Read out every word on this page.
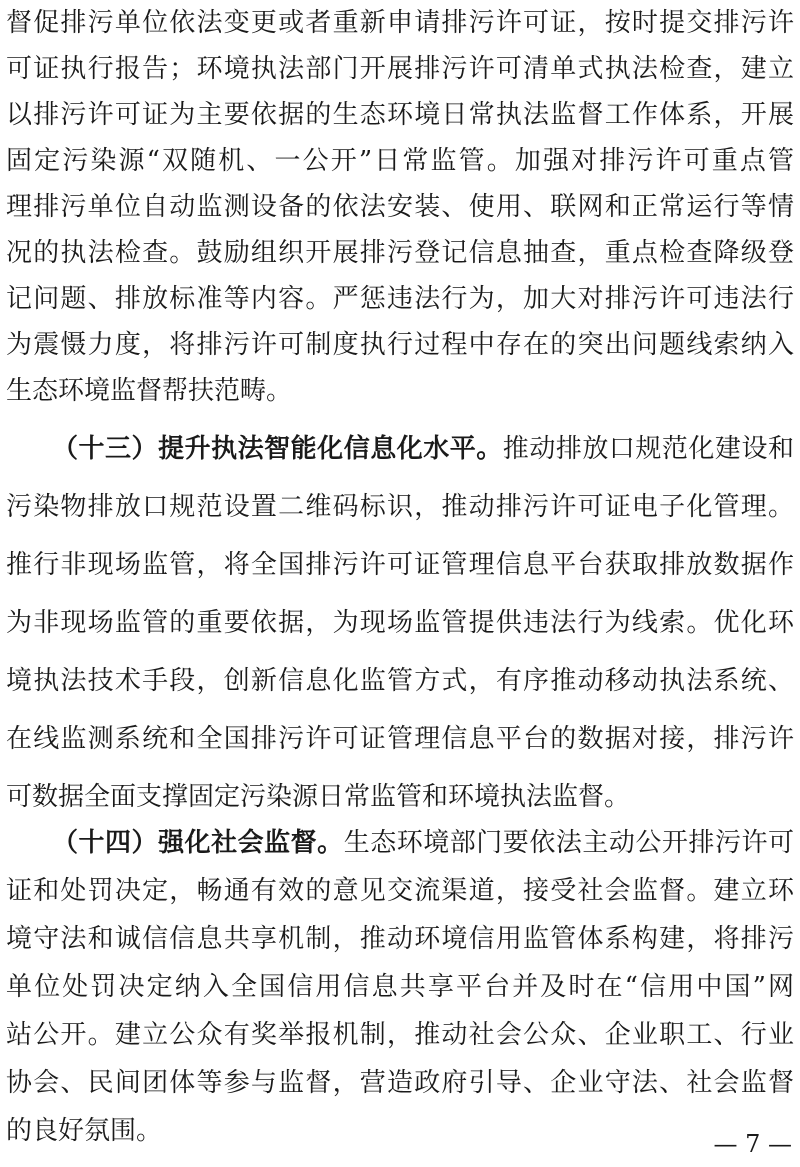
督促排污单位依法变更或者重新申请排污许可证，按时提交排污许
可证执行报告；环境执法部门开展排污许可清单式执法检查，建立
以排污许可证为主要依据的生态环境日常执法监督工作体系，开展
固定污染源“双随机、一公开”日常监管。加强对排污许可重点管
理排污单位自动监测设备的依法安装、使用、联网和正常运行等情
况的执法检查。鼓励组织开展排污登记信息抽查，重点检查降级登
记问题、排放标准等内容。严惩违法行为，加大对排污许可违法行
为震慑力度，将排污许可制度执行过程中存在的突出问题线索纳入
生态环境监督帮扶范畴。
（十三）提升执法智能化信息化水平。推动排放口规范化建设和
污染物排放口规范设置二维码标识，推动排污许可证电子化管理。
推行非现场监管，将全国排污许可证管理信息平台获取排放数据作
为非现场监管的重要依据，为现场监管提供违法行为线索。优化环
境执法技术手段，创新信息化监管方式，有序推动移动执法系统、
在线监测系统和全国排污许可证管理信息平台的数据对接，排污许
可数据全面支撑固定污染源日常监管和环境执法监督。
（十四）强化社会监督。生态环境部门要依法主动公开排污许可
证和处罚决定，畅通有效的意见交流渠道，接受社会监督。建立环
境守法和诚信信息共享机制，推动环境信用监管体系构建，将排污
单位处罚决定纳入全国信用信息共享平台并及时在“信用中国”网
站公开。建立公众有奖举报机制，推动社会公众、企业职工、行业
协会、民间团体等参与监督，营造政府引导、企业守法、社会监督
的良好氛围。	— 7 —
